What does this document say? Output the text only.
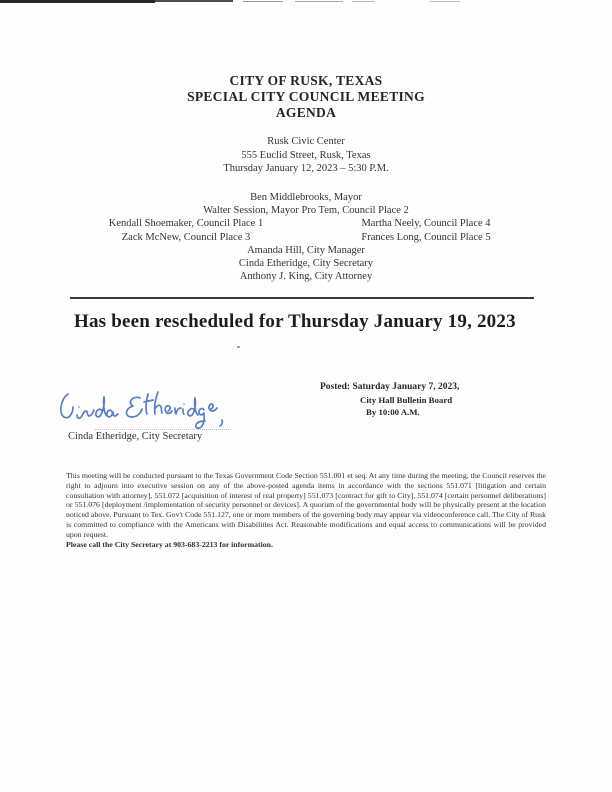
CITY OF RUSK, TEXAS
SPECIAL CITY COUNCIL MEETING
AGENDA
Rusk Civic Center
555 Euclid Street, Rusk, Texas
Thursday January 12, 2023 – 5:30 P.M.
Ben Middlebrooks, Mayor
Walter Session, Mayor Pro Tem, Council Place 2
Kendall Shoemaker, Council Place 1	Martha Neely, Council Place 4
Zack McNew, Council Place 3	Frances Long, Council Place 5
Amanda Hill, City Manager
Cinda Etheridge, City Secretary
Anthony J. King, City Attorney
Has been rescheduled for Thursday January 19, 2023
Posted: Saturday January 7, 2023,
City Hall Bulletin Board
By 10:00 A.M.
Cinda Etheridge, City Secretary
This meeting will be conducted pursuant to the Texas Government Code Section 551.001 et seq. At any time during the meeting, the Council reserves the right to adjourn into executive session on any of the above-posted agenda items in accordance with the sections 551.071 [litigation and certain consultation with attorney], 551.072 [acquisition of interest of real property] 551.073 [contract for gift to City], 551.074 [certain personnel deliberations] or 551.076 [deployment /implementation of security personnel or devices]. A quorum of the governmental body will be physically present at the location noticed above. Pursuant to Tex. Gov't Code 551.127, one or more members of the governing body may appear via videoconference call. The City of Rusk is committed to compliance with the Americans with Disabilities Act. Reasonable modifications and equal access to communications will be provided upon request.
Please call the City Secretary at 903-683-2213 for information.
